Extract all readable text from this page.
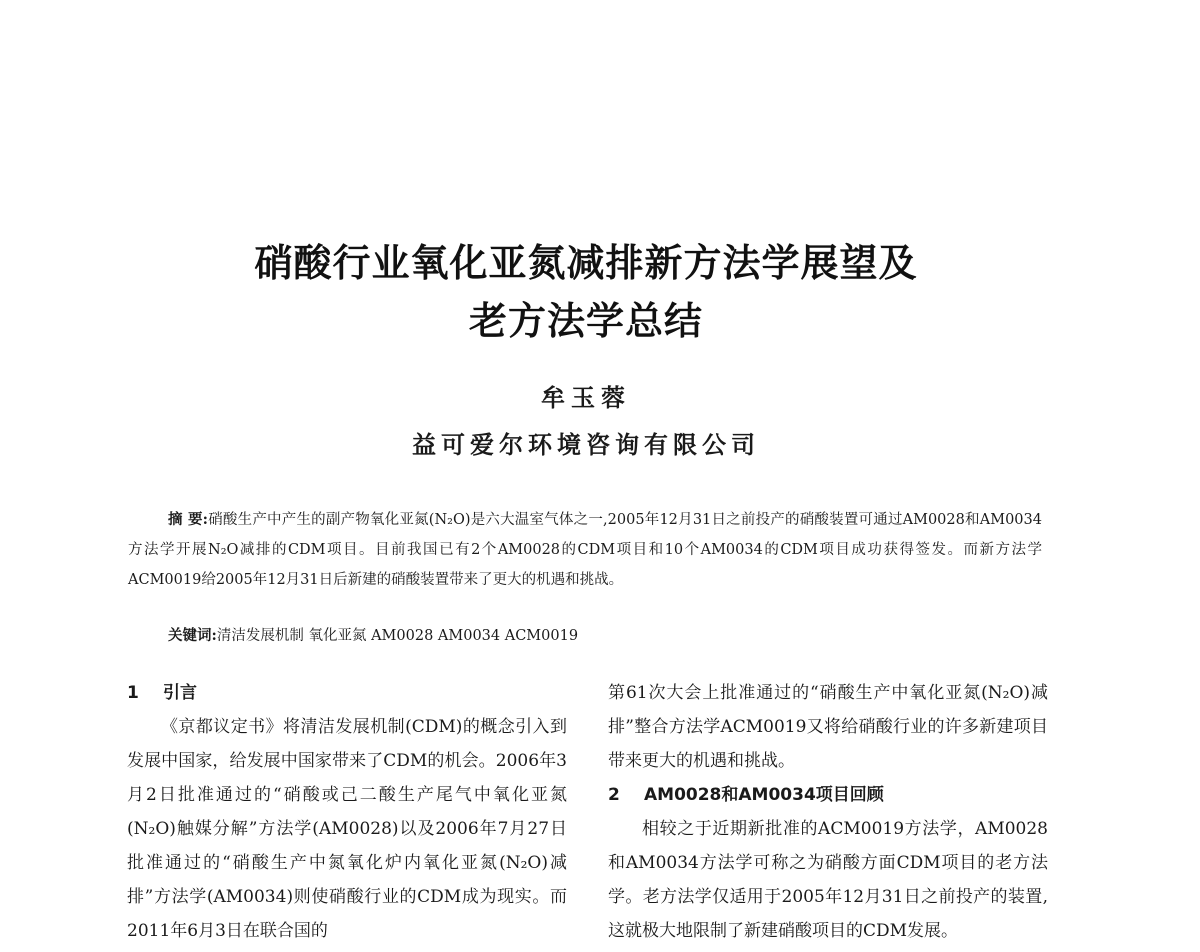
硝酸行业氧化亚氮减排新方法学展望及
老方法学总结
牟玉蓉
益可爱尔环境咨询有限公司
摘 要:硝酸生产中产生的副产物氧化亚氮(N₂O)是六大温室气体之一,2005年12月31日之前投产的硝酸装置可通过AM0028和AM0034方法学开展N₂O减排的CDM项目。目前我国已有2个AM0028的CDM项目和10个AM0034的CDM项目成功获得签发。而新方法学ACM0019给2005年12月31日后新建的硝酸装置带来了更大的机遇和挑战。
关键词:清洁发展机制 氧化亚氮 AM0028 AM0034 ACM0019
1 引言

《京都议定书》将清洁发展机制(CDM)的概念引入到发展中国家，给发展中国家带来了CDM的机会。2006年3月2日批准通过的“硝酸或己二酸生产尾气中氧化亚氮(N₂O)触媒分解”方法学(AM0028)以及2006年7月27日批准通过的“硝酸生产中氮氧化炉内氧化亚氮(N₂O)减排”方法学(AM0034)则使硝酸行业的CDM成为现实。而2011年6月3日在联合国的

第61次大会上批准通过的“硝酸生产中氧化亚氮(N₂O)减排”整合方法学ACM0019又将给硝酸行业的许多新建项目带来更大的机遇和挑战。

2 AM0028和AM0034项目回顾

相较之于近期新批准的ACM0019方法学，AM0028和AM0034方法学可称之为硝酸方面CDM项目的老方法学。老方法学仅适用于2005年12月31日之前投产的装置,这就极大地限制了新建硝酸项目的CDM发展。
